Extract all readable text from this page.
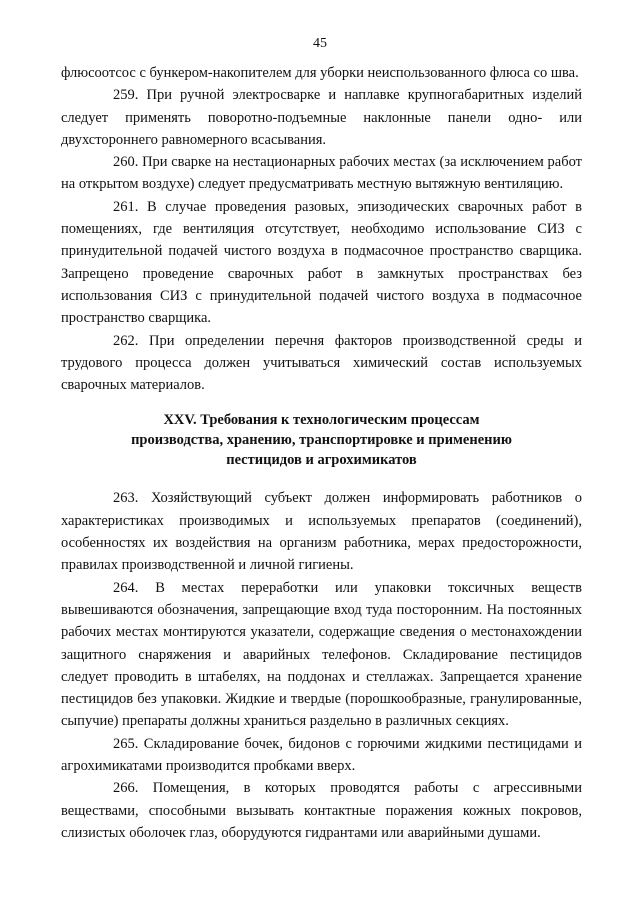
45

флюсоотсос с бункером-накопителем для уборки неиспользованного флюса со шва.

259. При ручной электросварке и наплавке крупногабаритных изделий следует применять поворотно-подъемные наклонные панели одно- или двухстороннего равномерного всасывания.

260. При сварке на нестационарных рабочих местах (за исключением работ на открытом воздухе) следует предусматривать местную вытяжную вентиляцию.

261. В случае проведения разовых, эпизодических сварочных работ в помещениях, где вентиляция отсутствует, необходимо использование СИЗ с принудительной подачей чистого воздуха в подмасочное пространство сварщика. Запрещено проведение сварочных работ в замкнутых пространствах без использования СИЗ с принудительной подачей чистого воздуха в подмасочное пространство сварщика.

262. При определении перечня факторов производственной среды и трудового процесса должен учитываться химический состав используемых сварочных материалов.

XXV. Требования к технологическим процессам
производства, хранению, транспортировке и применению
пестицидов и агрохимикатов

263. Хозяйствующий субъект должен информировать работников о характеристиках производимых и используемых препаратов (соединений), особенностях их воздействия на организм работника, мерах предосторожности, правилах производственной и личной гигиены.

264. В местах переработки или упаковки токсичных веществ вывешиваются обозначения, запрещающие вход туда посторонним. На постоянных рабочих местах монтируются указатели, содержащие сведения о местонахождении защитного снаряжения и аварийных телефонов. Складирование пестицидов следует проводить в штабелях, на поддонах и стеллажах. Запрещается хранение пестицидов без упаковки. Жидкие и твердые (порошкообразные, гранулированные, сыпучие) препараты должны храниться раздельно в различных секциях.

265. Складирование бочек, бидонов с горючими жидкими пестицидами и агрохимикатами производится пробками вверх.

266. Помещения, в которых проводятся работы с агрессивными веществами, способными вызывать контактные поражения кожных покровов, слизистых оболочек глаз, оборудуются гидрантами или аварийными душами.
